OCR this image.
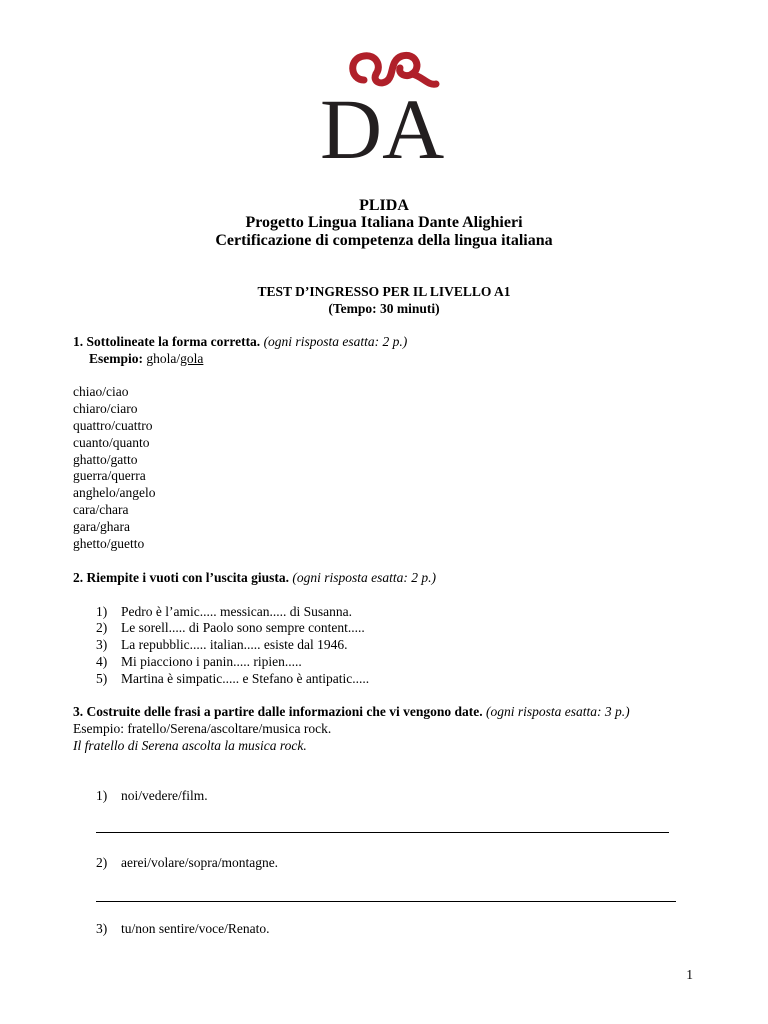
DA
PLIDA
Progetto Lingua Italiana Dante Alighieri
Certificazione di competenza della lingua italiana
TEST D’INGRESSO PER IL LIVELLO A1
(Tempo: 30 minuti)
1. Sottolineate la forma corretta. (ogni risposta esatta: 2 p.)
Esempio: ghola/gola
chiao/ciao
chiaro/ciaro
quattro/cuattro
cuanto/quanto
ghatto/gatto
guerra/querra
anghelo/angelo
cara/chara
gara/ghara
ghetto/guetto
2. Riempite i vuoti con l’uscita giusta. (ogni risposta esatta: 2 p.)
1)	Pedro è l’amic..... messican..... di Susanna.
2)	Le sorell..... di Paolo sono sempre content.....
3)	La repubblic..... italian..... esiste dal 1946.
4)	Mi piacciono i panin..... ripien.....
5)	Martina è simpatic..... e Stefano è antipatic.....
3. Costruite delle frasi a partire dalle informazioni che vi vengono date. (ogni risposta esatta: 3 p.)
Esempio: fratello/Serena/ascoltare/musica rock.
Il fratello di Serena ascolta la musica rock.
1)	noi/vedere/film.
2)	aerei/volare/sopra/montagne.
3)	tu/non sentire/voce/Renato.
1
